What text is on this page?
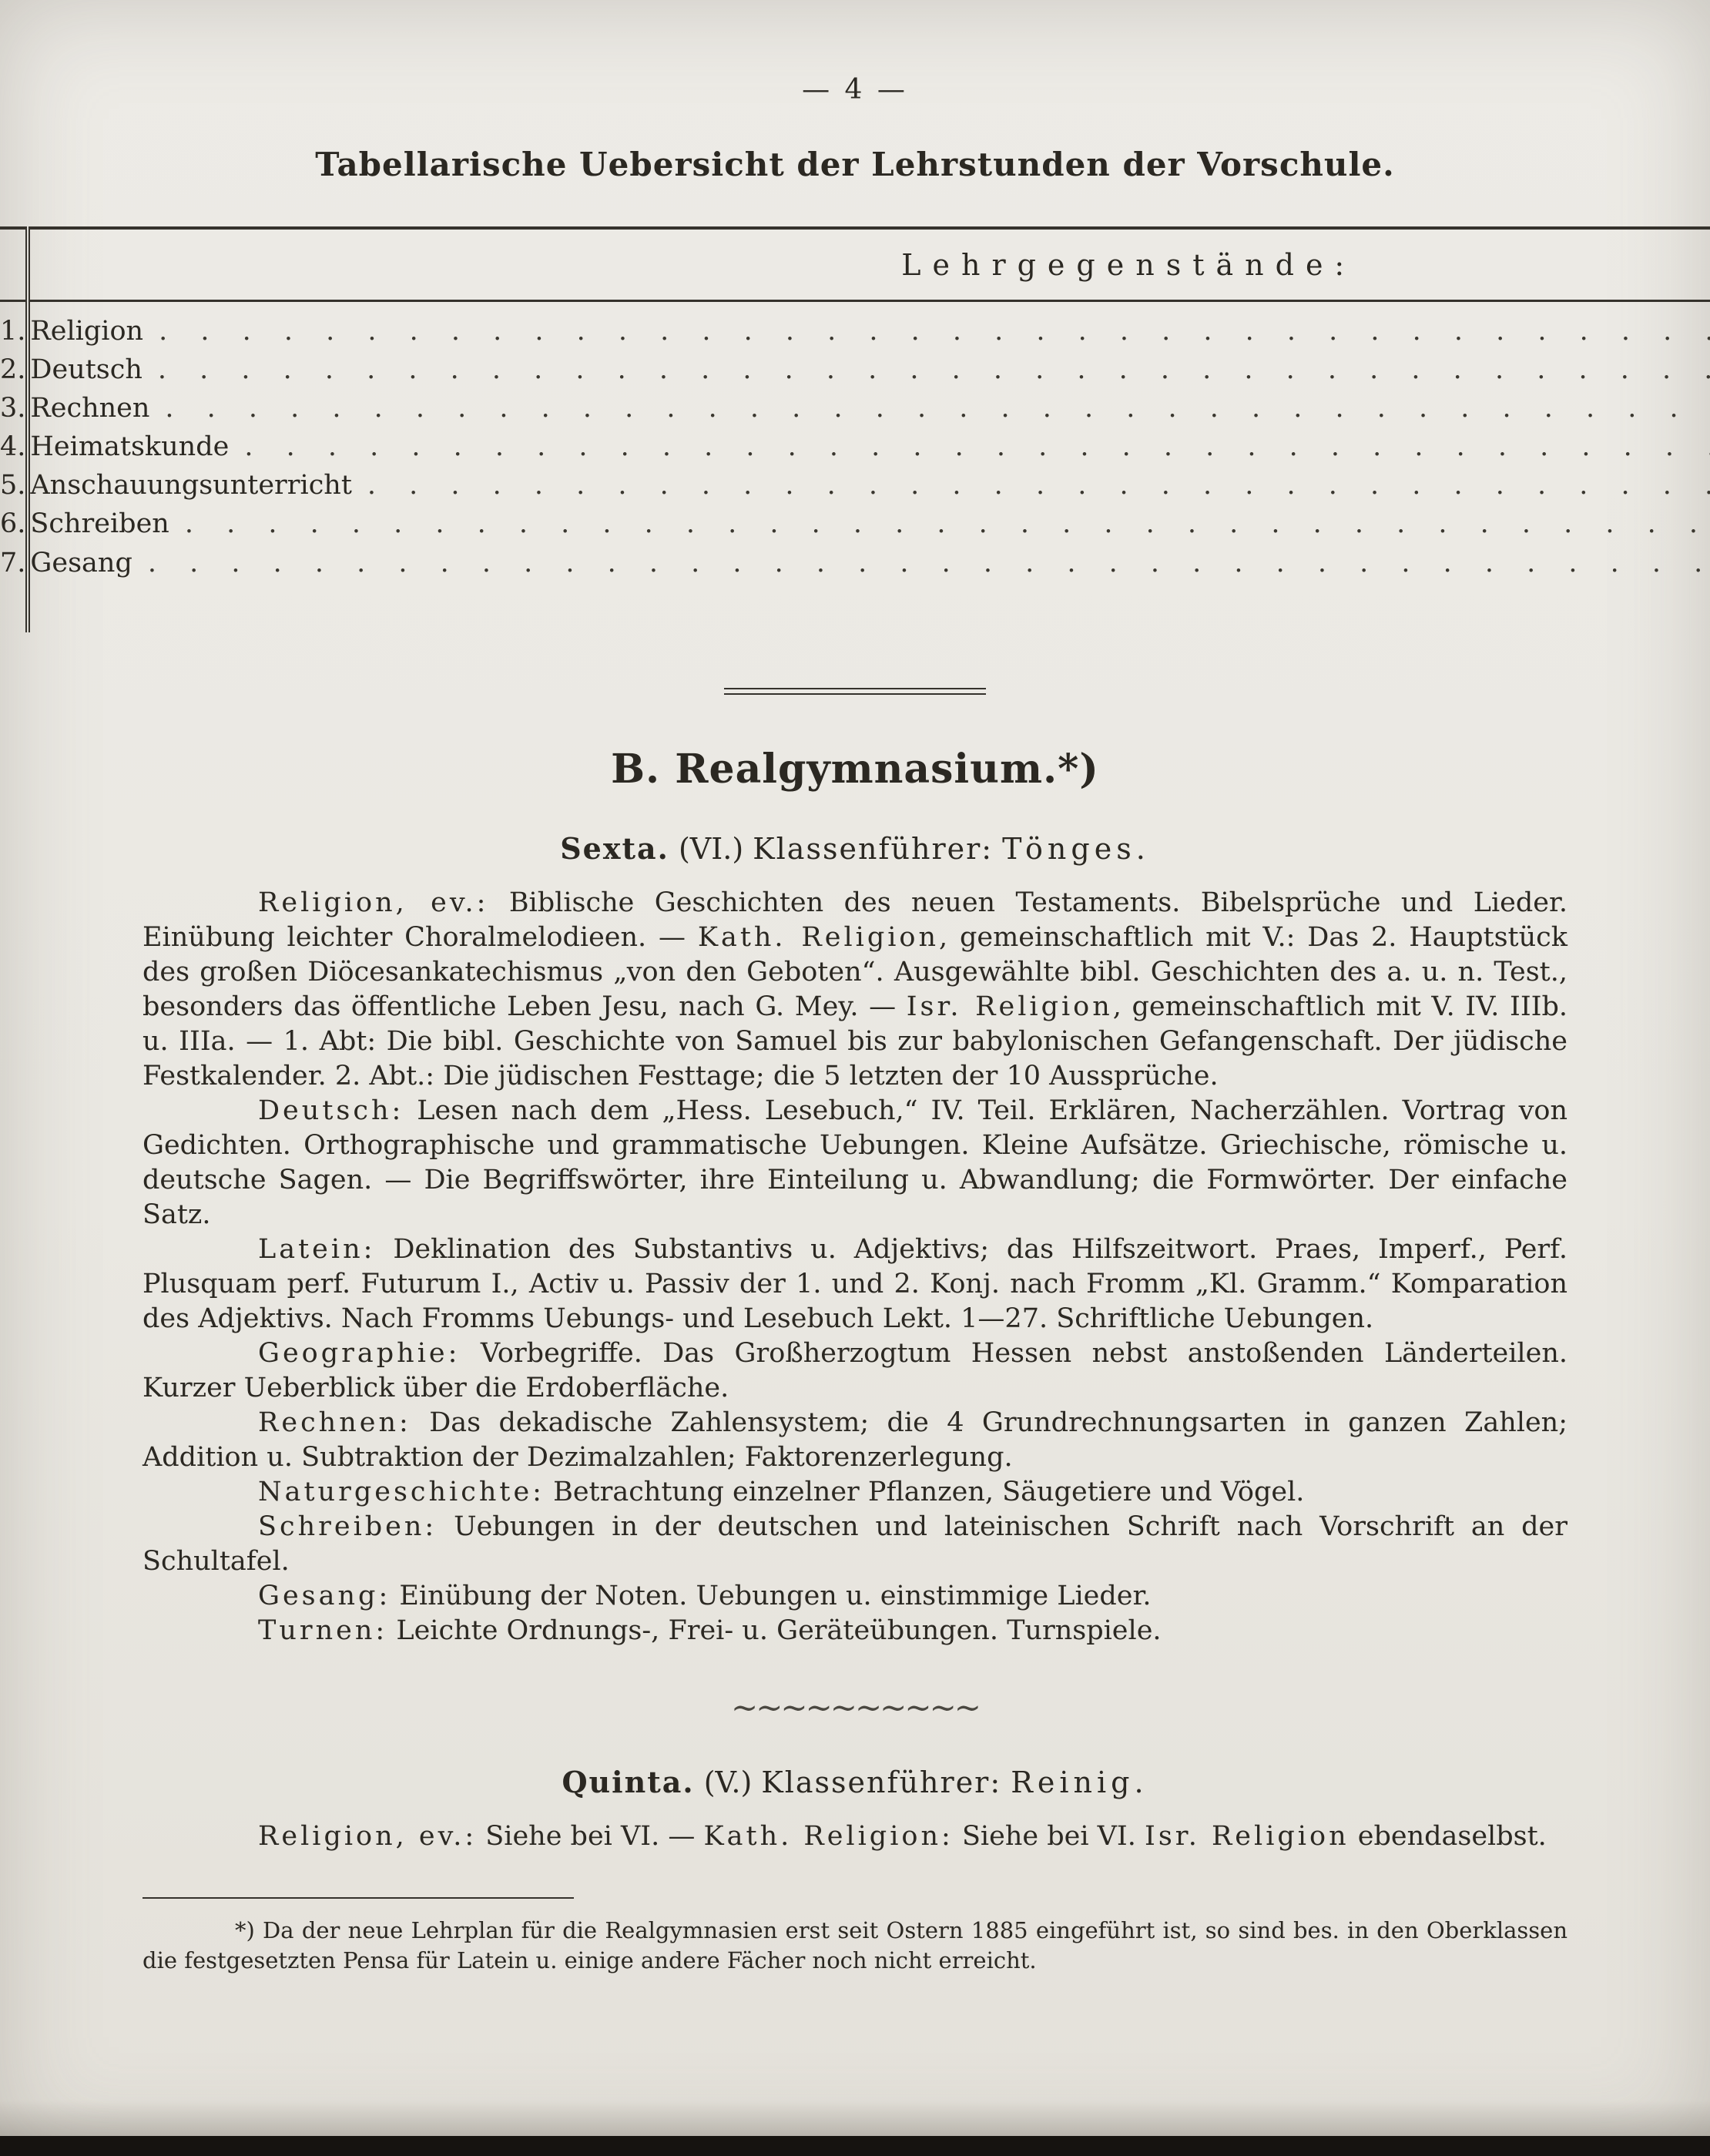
— 4 —
Tabellarische Uebersicht der Lehrstunden der Vorschule.
	Lehrgegenstände:	

1.	Religion
. . .

2.	Deutsch
. . .

3.	Rechnen
. . .

4.	Heimatskunde
. . .

5.	Anschauungsunterricht
. . .

6.	Schreiben
. . .

7.	Gesang
. . .

B. Realgymnasium.*)
Sexta. (VI.) Klassenführer: Tönges.

Religion, ev.: Biblische Geschichten des neuen Testaments. Bibelsprüche und Lieder. Einübung leichter Choralmelodieen. — Kath. Religion, gemeinschaftlich mit V.: Das 2. Hauptstück des großen Diöcesankatechismus „von den Geboten“. Ausgewählte bibl. Geschichten des a. u. n. Test., besonders das öffentliche Leben Jesu, nach G. Mey. — Isr. Religion, gemeinschaftlich mit V. IV. IIIb. u. IIIa. — 1. Abt: Die bibl. Geschichte von Samuel bis zur babylonischen Gefangenschaft. Der jüdische Festkalender. 2. Abt.: Die jüdischen Festtage; die 5 letzten der 10 Aussprüche.

Deutsch: Lesen nach dem „Hess. Lesebuch,“ IV. Teil. Erklären, Nacherzählen. Vortrag von Gedichten. Orthographische und grammatische Uebungen. Kleine Aufsätze. Griechische, römische u. deutsche Sagen. — Die Begriffswörter, ihre Einteilung u. Abwandlung; die Formwörter. Der einfache Satz.

Latein: Deklination des Substantivs u. Adjektivs; das Hilfszeitwort. Praes, Imperf., Perf. Plusquam perf. Futurum I., Activ u. Passiv der 1. und 2. Konj. nach Fromm „Kl. Gramm.“ Komparation des Adjektivs. Nach Fromms Uebungs- und Lesebuch Lekt. 1—27. Schriftliche Uebungen.

Geographie: Vorbegriffe. Das Großherzogtum Hessen nebst anstoßenden Länderteilen. Kurzer Ueberblick über die Erdoberfläche.

Rechnen: Das dekadische Zahlensystem; die 4 Grundrechnungsarten in ganzen Zahlen; Addition u. Subtraktion der Dezimalzahlen; Faktorenzerlegung.

Naturgeschichte: Betrachtung einzelner Pflanzen, Säugetiere und Vögel.

Schreiben: Uebungen in der deutschen und lateinischen Schrift nach Vorschrift an der Schultafel.

Gesang: Einübung der Noten. Uebungen u. einstimmige Lieder.

Turnen: Leichte Ordnungs-, Frei- u. Geräteübungen. Turnspiele.

~~~~~
Quinta. (V.) Klassenführer: Reinig.

Religion, ev.: Siehe bei VI. — Kath. Religion: Siehe bei VI. Isr. Religion ebendaselbst.

*) Da der neue Lehrplan für die Realgymnasien erst seit Ostern 1885 eingeführt ist, so sind bes. in den Oberklassen die festgesetzten Pensa für Latein u. einige andere Fächer noch nicht erreicht.
